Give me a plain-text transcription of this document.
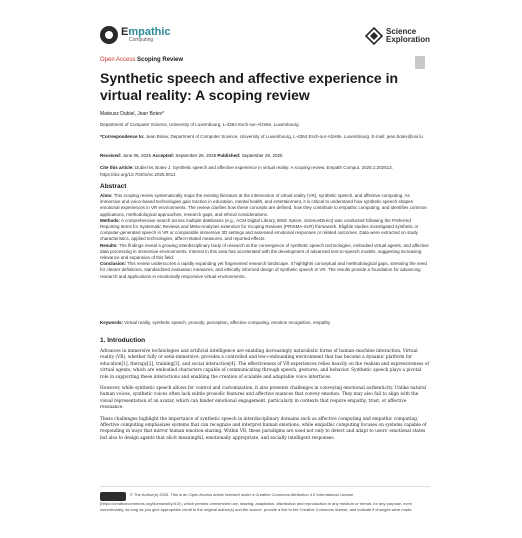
Empathic
Computing
Science
Exploration
Open Access Scoping Review
Synthetic speech and affective experience in virtual reality: A scoping review
Mateusz Dubiel, Jean Botev*
Department of Computer Science, University of Luxembourg, L-4364 Esch-sur-Alzette, Luxembourg
*Correspondence to: Jean Botev, Department of Computer Science, University of Luxembourg, L-4364 Esch-sur-Alzette, Luxembourg. E-mail: jean.botev@uni.lu
Received: June 06, 2025 Accepted: September 28, 2025 Published: September 29, 2025
Cite this article: Dubiel M, Botev J. Synthetic speech and affective experience in virtual reality: A scoping review. Empath Comput. 2025;1:202513. https://doi.org/10.70401/ec.2025.0011
Abstract

Aims: This scoping review systematically maps the existing literature at the intersection of virtual reality (VR), synthetic speech, and affective computing. As immersive and voice-based technologies gain traction in education, mental health, and entertainment, it is critical to understand how synthetic speech shapes emotional experiences in VR environments. The review clarifies how these concepts are defined, how they contribute to empathic computing, and identifies common applications, methodological approaches, research gaps, and ethical considerations.

Methods: A comprehensive search across multiple databases (e.g., ACM Digital Library, IEEE Xplore, ScienceDirect) was conducted following the Preferred Reporting Items for Systematic Reviews and Meta-Analyses extension for Scoping Reviews (PRISMA-ScR) framework. Eligible studies investigated synthetic or computer-generated speech in VR or comparable immersive 3D settings and assessed emotional responses or related outcomes. Data were extracted on study characteristics, applied technologies, affect-related measures, and reported effects.

Results: The findings reveal a growing interdisciplinary body of research at the convergence of synthetic speech technologies, embodied virtual agents, and affective data processing in immersive environments. Interest in this area has accelerated with the development of advanced text-to-speech models, suggesting increasing relevance and expansion of this field.

Conclusion: This review underscores a rapidly expanding yet fragmented research landscape. It highlights conceptual and methodological gaps, stressing the need for clearer definitions, standardized evaluation measures, and ethically informed design of synthetic speech in VR. The results provide a foundation for advancing research and applications in emotionally responsive virtual environments.

Keywords: Virtual reality, synthetic speech, prosody, perception, affective computing, emotion recognition, empathy
1. Introduction

Advances in immersive technologies and artificial intelligence are enabling increasingly naturalistic forms of human–machine interaction. Virtual reality (VR), whether fully or semi-immersive, provides a controlled and low-confounding environment that has become a dynamic platform for education[1], therapy[2], training[3], and social interaction[4]. The effectiveness of VR experiences relies heavily on the realism and expressiveness of virtual agents, which are embodied characters capable of communicating through speech, gestures, and behavior. Synthetic speech plays a pivotal role in supporting these interactions and enabling the creation of scalable and adaptable voice interfaces.

However, while synthetic speech allows for control and customization, it also presents challenges in conveying emotional authenticity. Unlike natural human voices, synthetic voices often lack subtle prosodic features and affective nuances that convey emotion. They may also fail to align with the visual representation of an avatar, which can hinder emotional engagement, particularly in contexts that require empathy, trust, or affective resonance.

These challenges highlight the importance of synthetic speech in interdisciplinary domains such as affective computing and empathic computing. Affective computing emphasizes systems that can recognize and interpret human emotions, while empathic computing focuses on systems capable of responding in ways that mirror human emotion-sharing. Within VR, these paradigms are used not only to detect and adapt to users' emotional states but also to design agents that elicit meaningful, emotionally appropriate, and socially intelligent responses.

© The Author(s) 2025. This is an Open Access article licensed under a Creative Commons Attribution 4.0 International License (https://creativecommons.org/licenses/by/4.0/), which permits unrestricted use, sharing, adaptation, distribution and reproduction in any medium or format, for any purpose, even commercially, as long as you give appropriate credit to the original author(s) and the source, provide a link to the Creative Commons license, and indicate if changes were made.
